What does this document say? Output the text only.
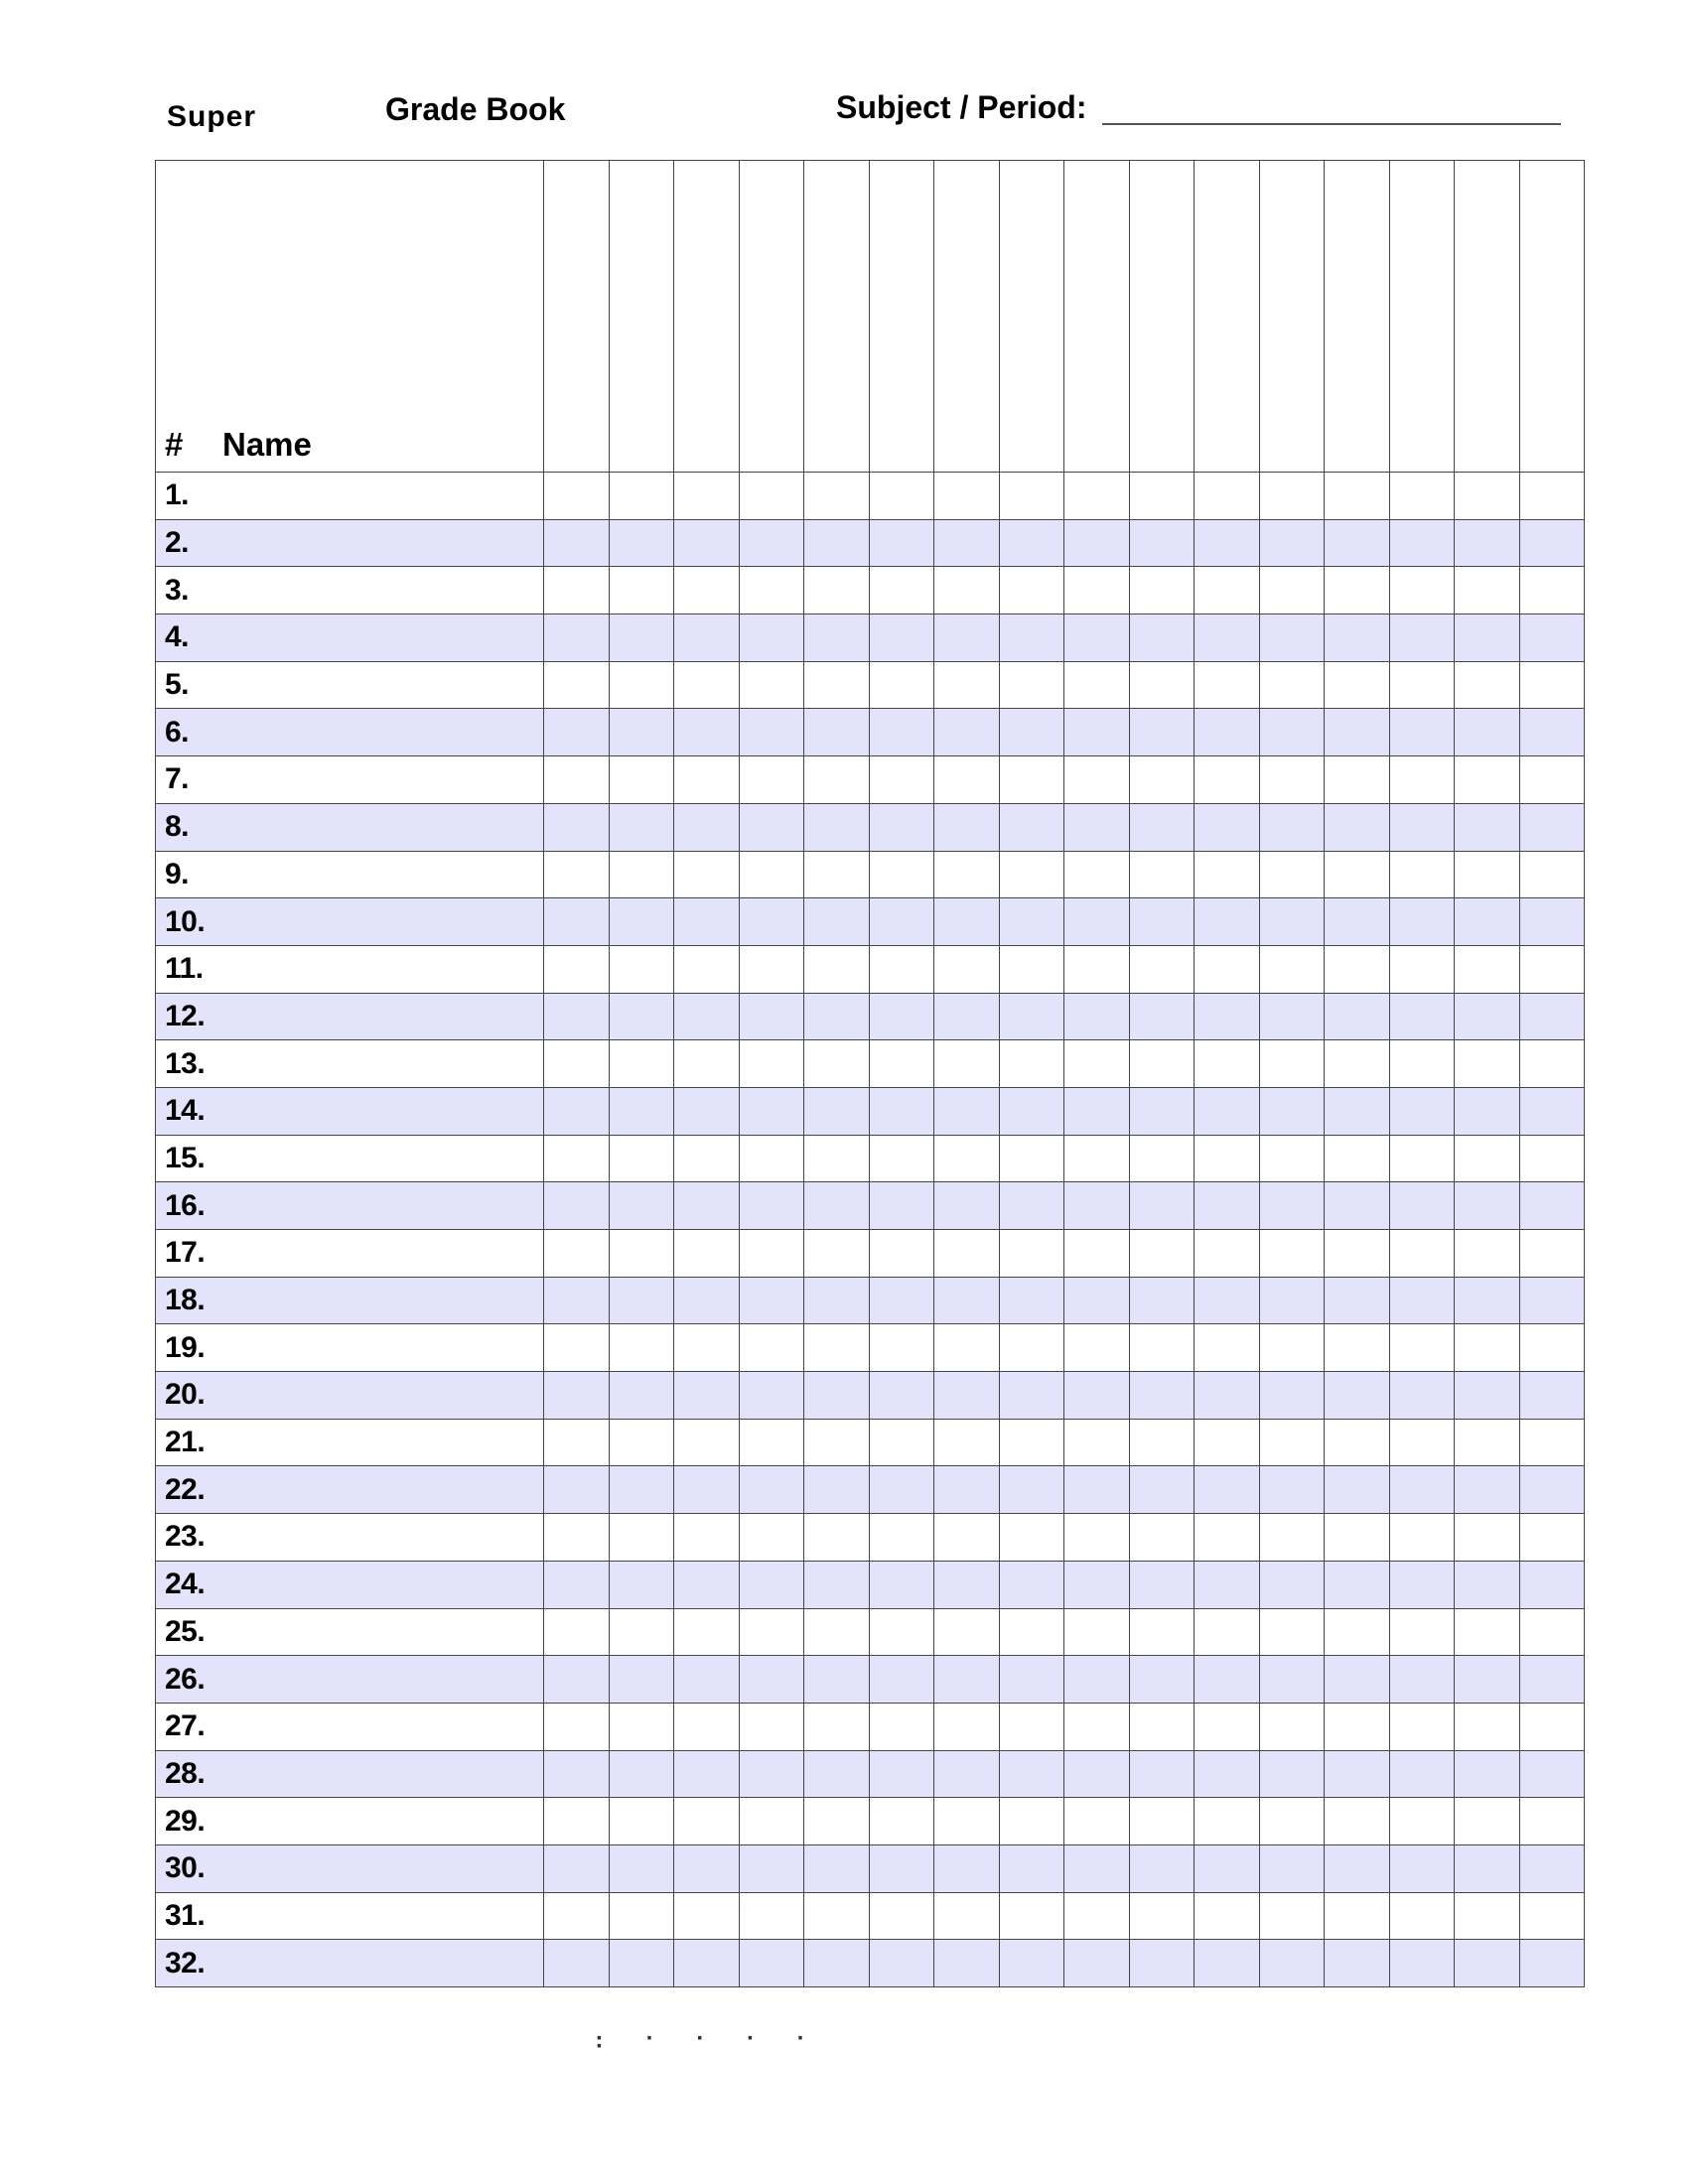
Super	Grade Book	Subject / Period:
# Name																
1.																
2.																
3.																
4.																
5.																
6.																
7.																
8.																
9.																
10.																
11.																
12.																
13.																
14.																
15.																
16.																
17.																
18.																
19.																
20.																
21.																
22.																
23.																
24.																
25.																
26.																
27.																
28.																
29.																
30.																
31.																
32.																
· · · · · ·
